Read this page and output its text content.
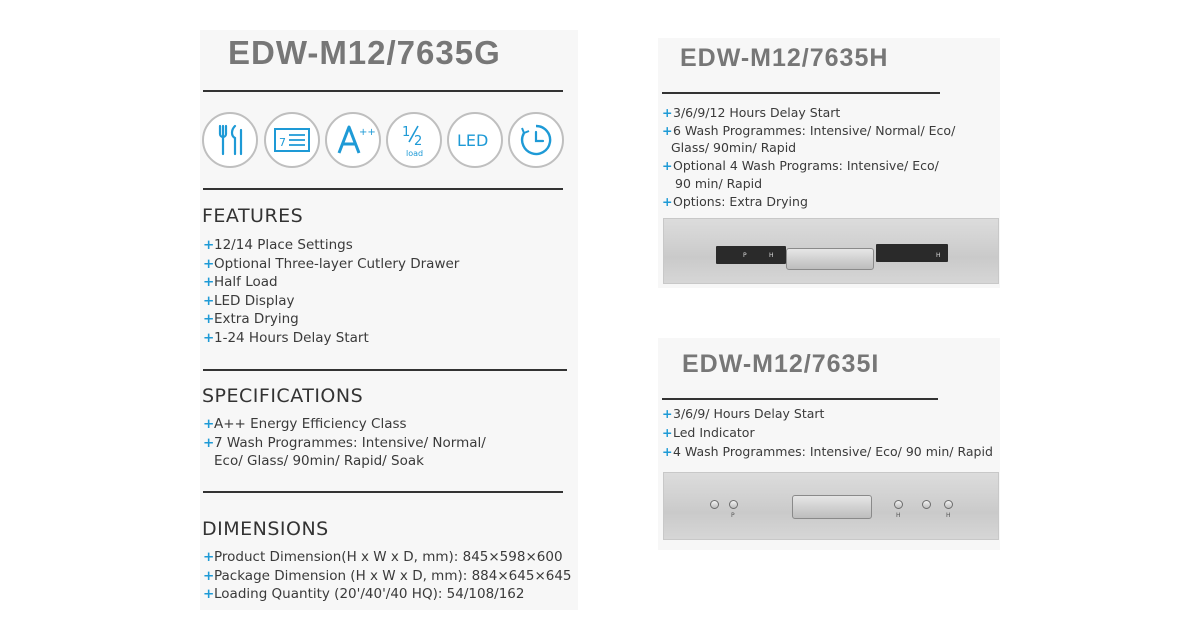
EDW-M12/7635G
7
++ 1
2
load
LED
FEATURES
+ 12/14 Place Settings
+ Optional Three-layer Cutlery Drawer
+ Half Load
+ LED Display
+ Extra Drying
+ 1-24 Hours Delay Start
SPECIFICATIONS
+ A++ Energy Efficiency Class
+ 7 Wash Programmes: Intensive/ Normal/
Eco/ Glass/ 90min/ Rapid/ Soak
DIMENSIONS
+ Product Dimension(H x W x D, mm): 845×598×600
+ Package Dimension (H x W x D, mm): 884×645×645
+ Loading Quantity (20'/40'/40 HQ): 54/108/162
EDW-M12/7635H
+ 3/6/9/12 Hours Delay Start
+ 6 Wash Programmes: Intensive/ Normal/ Eco/
Glass/ 90min/ Rapid
+ Optional 4 Wash Programs: Intensive/ Eco/
90 min/ Rapid
+ Options: Extra Drying
P	H	H
EDW-M12/7635I
+ 3/6/9/ Hours Delay Start
+ Led Indicator
+ 4 Wash Programmes: Intensive/ Eco/ 90 min/ Rapid
P	H	H
